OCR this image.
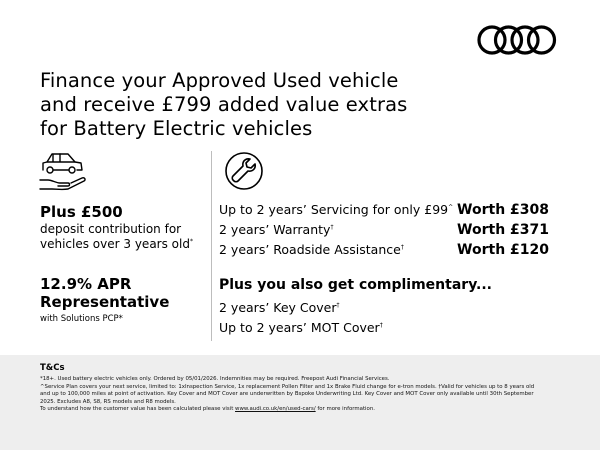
Finance your Approved Used vehicle
and receive £799 added value extras
for Battery Electric vehicles
Plus £500
deposit contribution for
vehicles over 3 years old*
12.9% APR
Representative
with Solutions PCP*
Up to 2 years’ Servicing for only £99^ Worth £308
2 years’ Warranty†	Worth £371
2 years’ Roadside Assistance†	Worth £120
Plus you also get complimentary...
2 years’ Key Cover†
Up to 2 years’ MOT Cover†
T&Cs
*18+. Used battery electric vehicles only. Ordered by 05/01/2026. Indemnities may be required. Freepost Audi Financial Services.
^Service Plan covers your next service, limited to: 1xInspection Service, 1x replacement Pollen Filter and 1x Brake Fluid change for e-tron models. †Valid for vehicles up to 8 years old
and up to 100,000 miles at point of activation. Key Cover and MOT Cover are underwritten by Bspoke Underwriting Ltd. Key Cover and MOT Cover only available until 30th September
2025. Excludes A8, S8, RS models and R8 models.
To understand how the customer value has been calculated please visit www.audi.co.uk/en/used-cars/ for more information.
